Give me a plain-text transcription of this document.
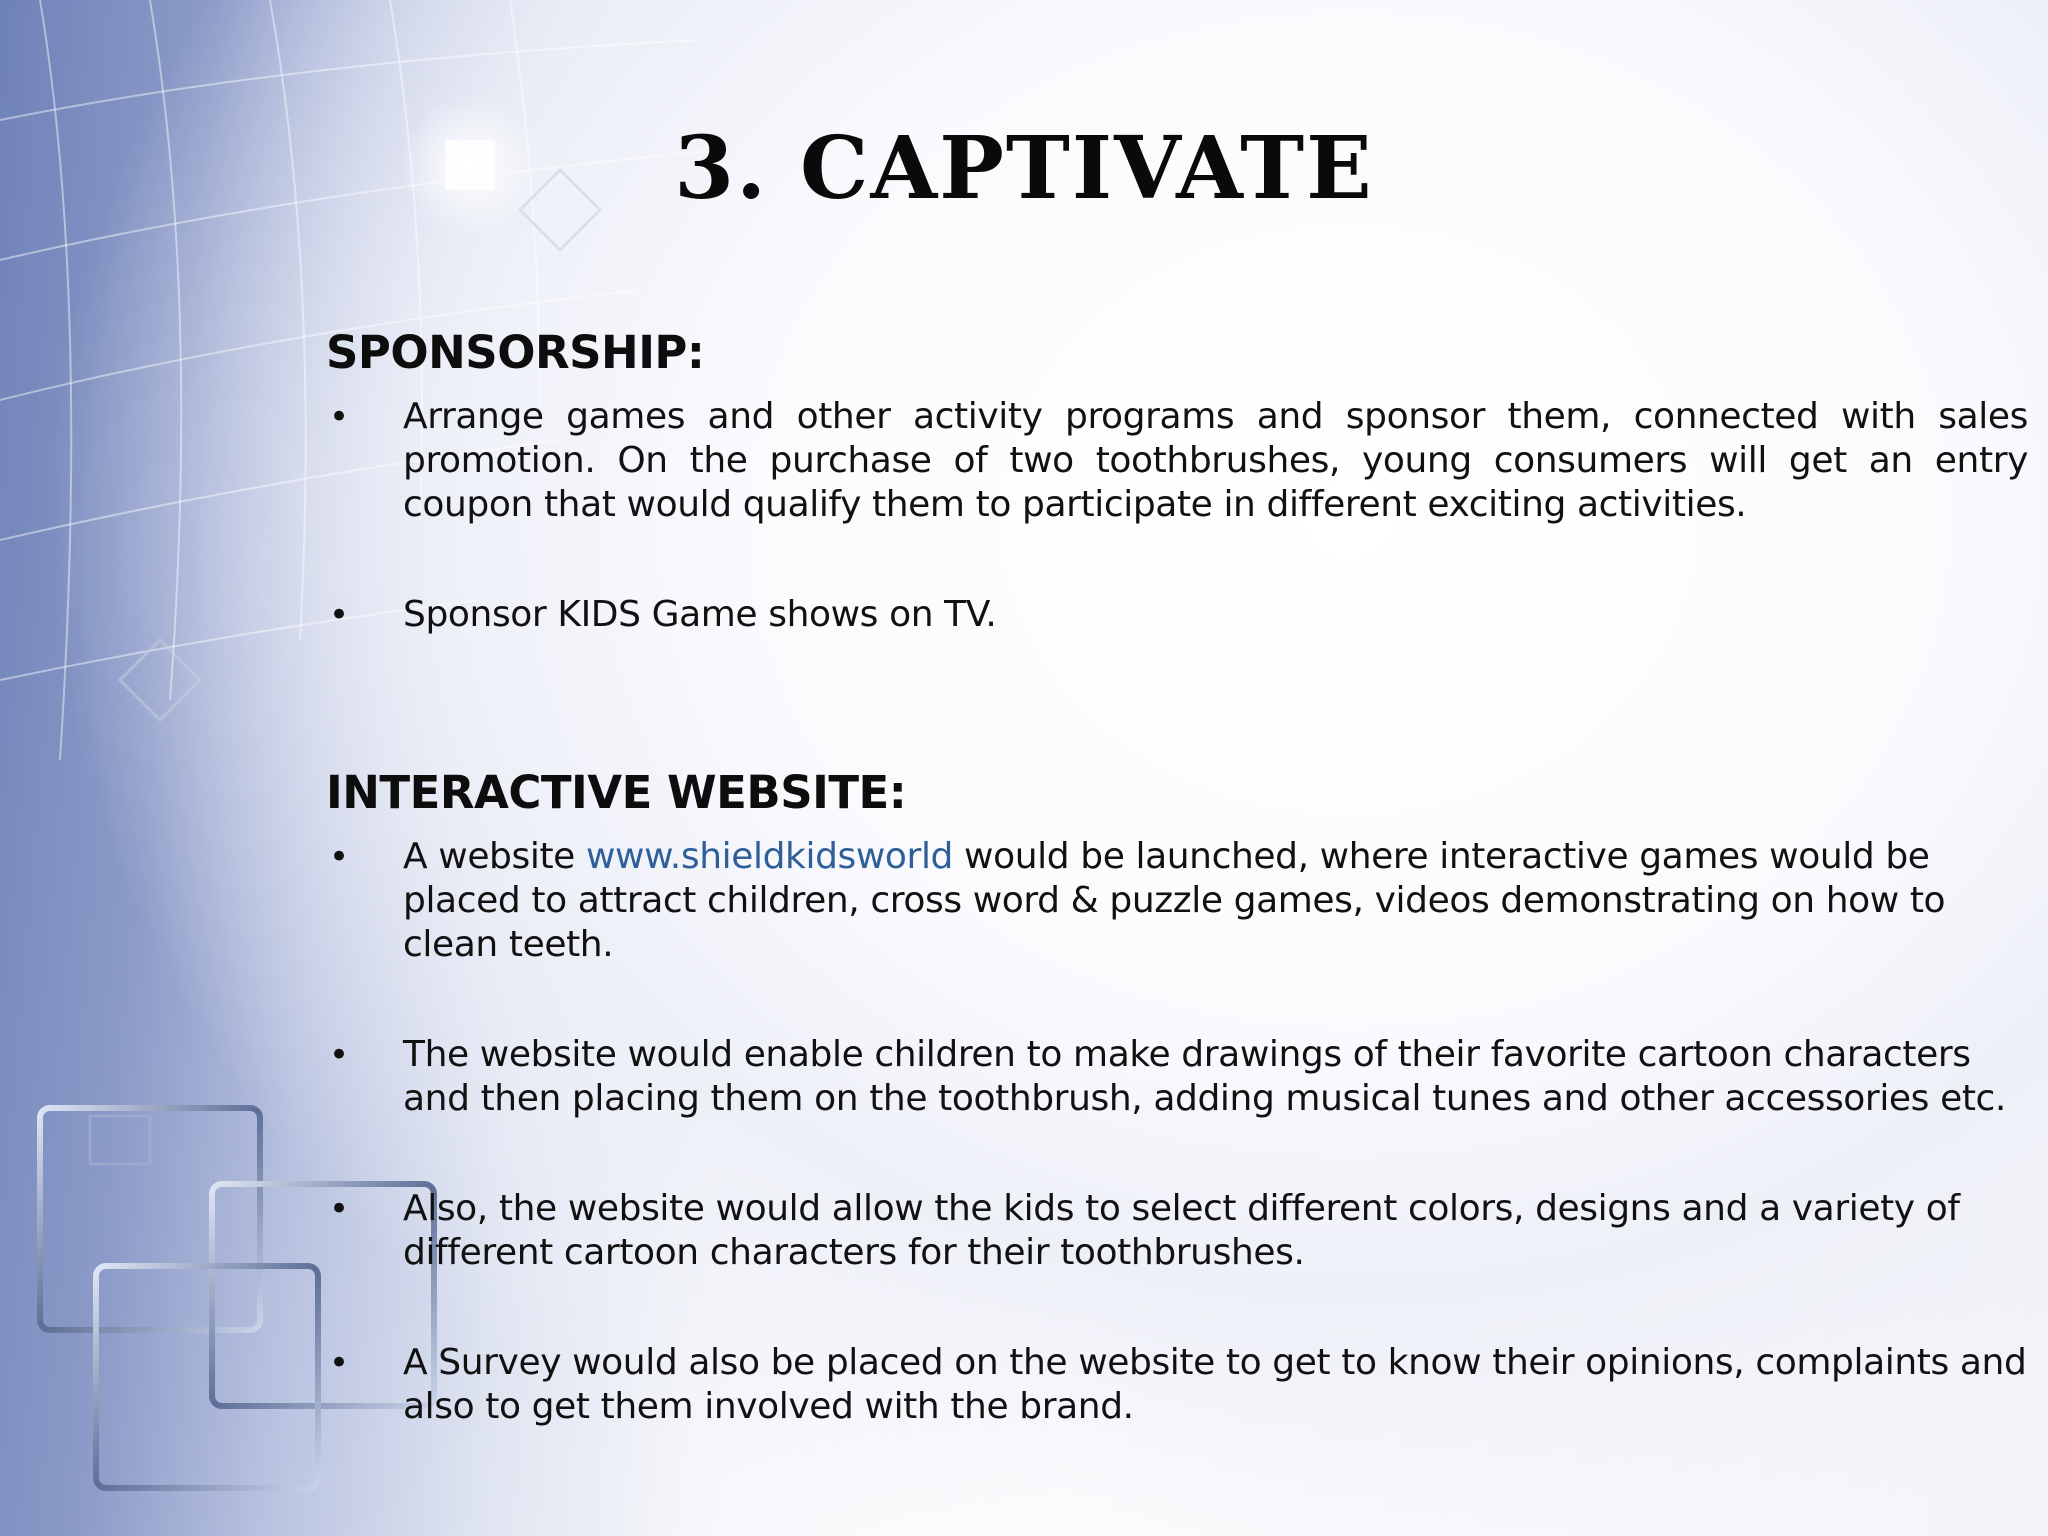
3. CAPTIVATE
SPONSORSHIP:
• Arrange games and other activity programs and sponsor them, connected with sales promotion. On the purchase of two toothbrushes, young consumers will get an entry coupon that would qualify them to participate in different exciting activities.
• Sponsor KIDS Game shows on TV.
INTERACTIVE WEBSITE:
• A website www.shieldkidsworld would be launched, where interactive games would be placed to attract children, cross word & puzzle games, videos demonstrating on how to clean teeth.
• The website would enable children to make drawings of their favorite cartoon characters and then placing them on the toothbrush, adding musical tunes and other accessories etc.
• Also, the website would allow the kids to select different colors, designs and a variety of different cartoon characters for their toothbrushes.
• A Survey would also be placed on the website to get to know their opinions, complaints and also to get them involved with the brand.
